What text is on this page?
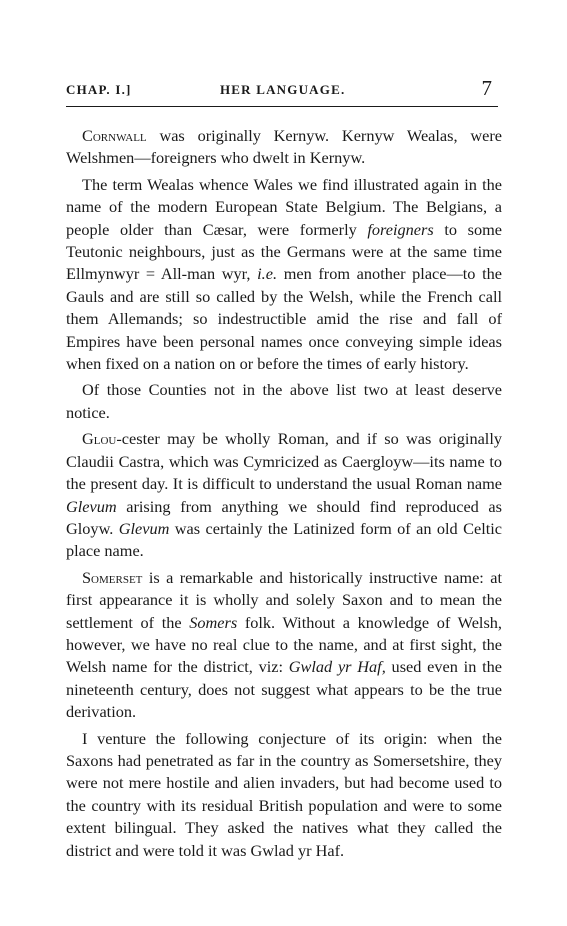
CHAP. I.]	HER LANGUAGE.	7

Cornwall was originally Kernyw. Kernyw Wealas, were Welshmen—foreigners who dwelt in Kernyw.

The term Wealas whence Wales we find illustrated again in the name of the modern European State Belgium. The Belgians, a people older than Cæsar, were formerly foreigners to some Teutonic neighbours, just as the Germans were at the same time Ellmynwyr = All-man wyr, i.e. men from another place—to the Gauls and are still so called by the Welsh, while the French call them Allemands; so indestructible amid the rise and fall of Empires have been personal names once conveying simple ideas when fixed on a nation on or before the times of early history.

Of those Counties not in the above list two at least deserve notice.

Glou-cester may be wholly Roman, and if so was originally Claudii Castra, which was Cymricized as Caergloyw—its name to the present day. It is difficult to understand the usual Roman name Glevum arising from anything we should find reproduced as Gloyw. Glevum was certainly the Latinized form of an old Celtic place name.

Somerset is a remarkable and historically instructive name: at first appearance it is wholly and solely Saxon and to mean the settlement of the Somers folk. Without a knowledge of Welsh, however, we have no real clue to the name, and at first sight, the Welsh name for the district, viz: Gwlad yr Haf, used even in the nineteenth century, does not suggest what appears to be the true derivation.

I venture the following conjecture of its origin: when the Saxons had penetrated as far in the country as Somersetshire, they were not mere hostile and alien invaders, but had become used to the country with its residual British population and were to some extent bilingual. They asked the natives what they called the district and were told it was Gwlad yr Haf.
